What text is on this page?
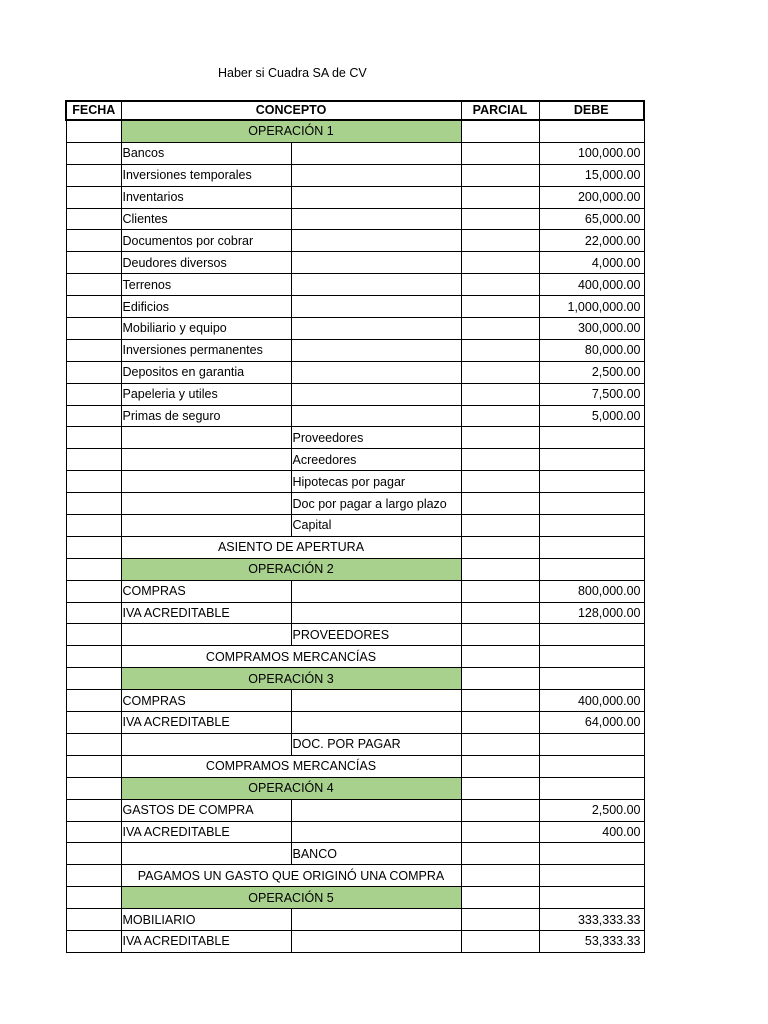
Haber si Cuadra SA de CV
FECHA	CONCEPTO		PARCIAL	DEBE
	OPERACIÓN 1			
	Bancos			100,000.00
	Inversiones temporales			15,000.00
	Inventarios			200,000.00
	Clientes			65,000.00
	Documentos por cobrar			22,000.00
	Deudores diversos			4,000.00
	Terrenos			400,000.00
	Edificios			1,000,000.00
	Mobiliario y equipo			300,000.00
	Inversiones permanentes			80,000.00
	Depositos en garantia			2,500.00
	Papeleria y utiles			7,500.00
	Primas de seguro			5,000.00
		Proveedores		
		Acreedores		
		Hipotecas por pagar		
		Doc por pagar a largo plazo		
		Capital		
	ASIENTO DE APERTURA			
	OPERACIÓN 2			
	COMPRAS			800,000.00
	IVA ACREDITABLE			128,000.00
		PROVEEDORES		
	COMPRAMOS MERCANCÍAS			
	OPERACIÓN 3			
	COMPRAS			400,000.00
	IVA ACREDITABLE			64,000.00
		DOC. POR PAGAR		
	COMPRAMOS MERCANCÍAS			
	OPERACIÓN 4			
	GASTOS DE COMPRA			2,500.00
	IVA ACREDITABLE			400.00
		BANCO		
	PAGAMOS UN GASTO QUE ORIGINÓ UNA COMPRA			
	OPERACIÓN 5			
	MOBILIARIO			333,333.33
	IVA ACREDITABLE			53,333.33
